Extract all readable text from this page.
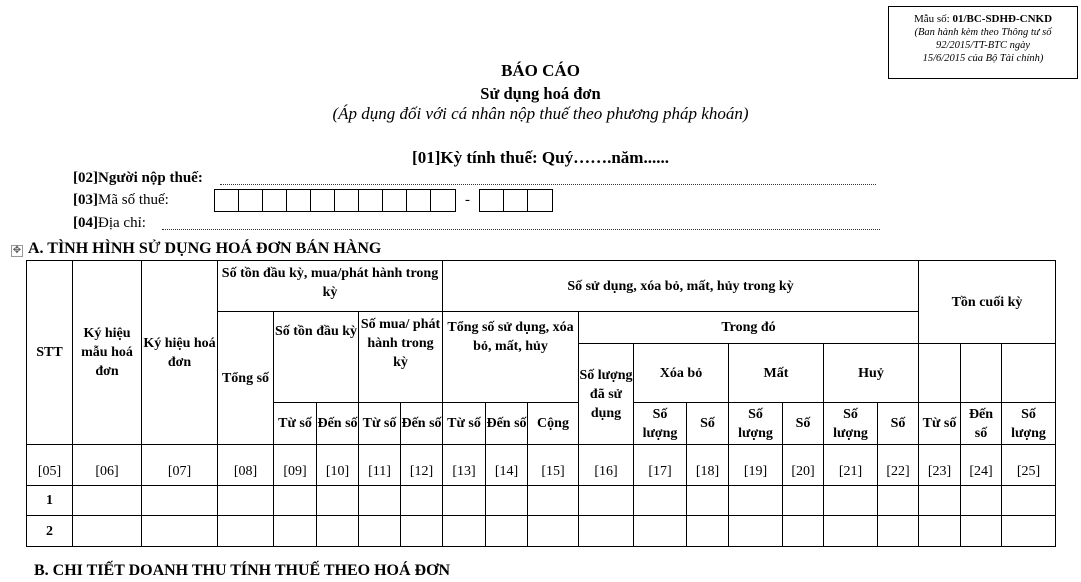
Mẫu số: 01/BC-SDHĐ-CNKD
(Ban hành kèm theo Thông tư số
92/2015/TT-BTC ngày
15/6/2015 của Bộ Tài chính)
BÁO CÁO
Sử dụng hoá đơn
(Áp dụng đối với cá nhân nộp thuế theo phương pháp khoán)
[01]Kỳ tính thuế: Quý…….năm......
[02]Người nộp thuế:
[03]Mã số thuế:	-
[04]Địa chỉ:
✥ A. TÌNH HÌNH SỬ DỤNG HOÁ ĐƠN BÁN HÀNG
STT	Ký hiệu mẫu hoá đơn	Ký hiệu hoá đơn	Số tồn đầu kỳ, mua/phát hành trong kỳ					Số sử dụng, xóa bỏ, mất, hủy trong kỳ										Tồn cuối kỳ		
			Tổng số	Số tồn đầu kỳ		Số mua/ phát hành trong kỳ		Tổng số sử dụng, xóa bỏ, mất, hủy			Trong đó									
											Số lượng đã sử dụng	Xóa bỏ		Mất		Huỷ				
				Từ số	Đến số	Từ số	Đến số	Từ số	Đến số	Cộng		Số lượng	Số	Số lượng	Số	Số lượng	Số	Từ số	Đến số	Số lượng
[05]	[06]	[07]	[08]	[09]	[10]	[11]	[12]	[13]	[14]	[15]	[16]	[17]	[18]	[19]	[20]	[21]	[22]	[23]	[24]	[25]
1																				
2																				
B. CHI TIẾT DOANH THU TÍNH THUẾ THEO HOÁ ĐƠN
